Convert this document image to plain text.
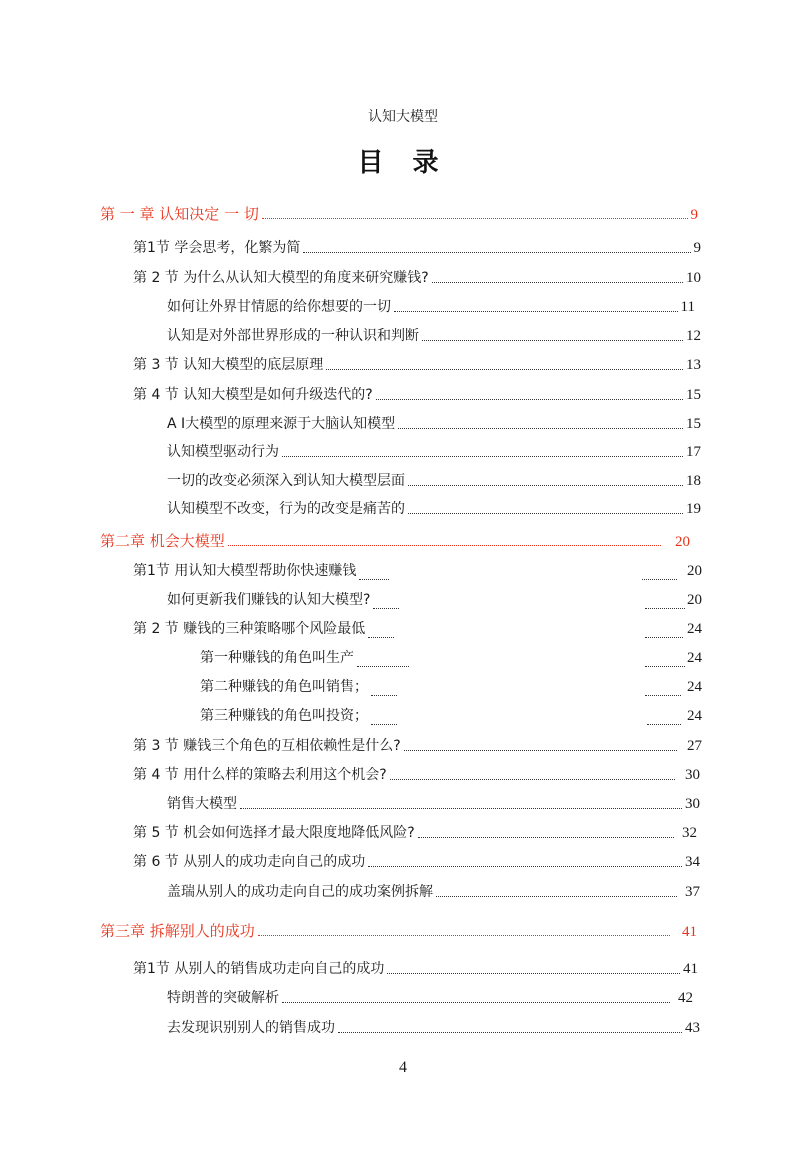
认知大模型
目 录
第 一 章 认知决定 一 切	9
第1节 学会思考，化繁为简	9
第 2 节 为什么从认知大模型的角度来研究赚钱?	10
如何让外界甘情愿的给你想要的一切	11
认知是对外部世界形成的一种认识和判断	12
第 3 节 认知大模型的底层原理	13
第 4 节 认知大模型是如何升级迭代的?	15
A I大模型的原理来源于大脑认知模型	15
认知模型驱动行为	17
一切的改变必须深入到认知大模型层面	18
认知模型不改变，行为的改变是痛苦的	19
第二章 机会大模型	20
第1节 用认知大模型帮助你快速赚钱	20
如何更新我们赚钱的认知大模型?	20
第 2 节 赚钱的三种策略哪个风险最低	24
第一种赚钱的角色叫生产	24
第二种赚钱的角色叫销售；	24
第三种赚钱的角色叫投资；	24
第 3 节 赚钱三个角色的互相依赖性是什么?	27
第 4 节 用什么样的策略去利用这个机会?	30
销售大模型	30
第 5 节 机会如何选择才最大限度地降低风险?	32
第 6 节 从别人的成功走向自己的成功	34
盖瑞从别人的成功走向自己的成功案例拆解	37
第三章 拆解别人的成功	41
第1节 从别人的销售成功走向自己的成功	41
特朗普的突破解析	42
去发现识别别人的销售成功	43
4
